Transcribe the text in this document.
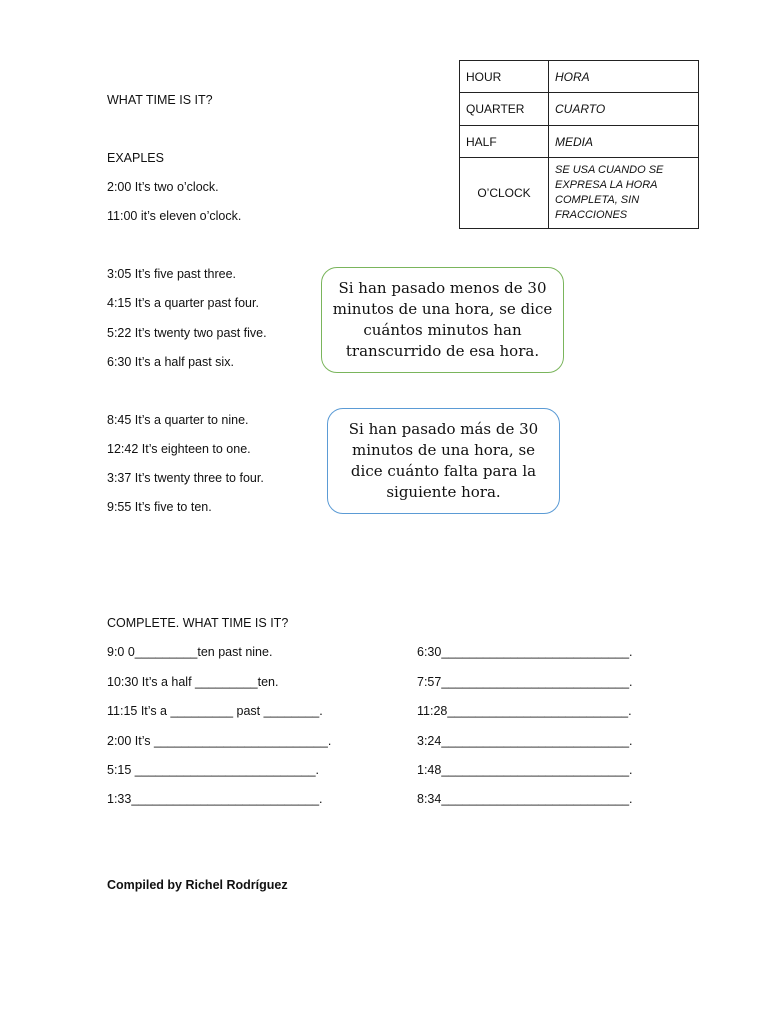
WHAT TIME IS IT?
EXAPLES
2:00 It’s two o’clock.
11:00 it’s eleven o’clock.
3:05 It’s five past three.
4:15 It’s a quarter past four.
5:22 It’s twenty two past five.
6:30 It’s a half past six.
8:45 It’s a quarter to nine.
12:42 It’s eighteen to one.
3:37 It’s twenty three to four.
9:55 It’s five to ten.
HOUR	HORA
QUARTER	CUARTO
HALF	MEDIA
O’CLOCK	SE USA CUANDO SE EXPRESA LA HORA COMPLETA, SIN FRACCIONES
Si han pasado menos de 30 minutos de una hora, se dice cuántos minutos han transcurrido de esa hora.
Si han pasado más de 30 minutos de una hora, se dice cuánto falta para la siguiente hora.
COMPLETE. WHAT TIME IS IT?
9:0 0_________ten past nine.
10:30 It’s a half _________ten.
11:15 It’s a _________ past ________.
2:00 It’s _________________________.
5:15 __________________________.
1:33___________________________.
6:30___________________________.
7:57___________________________.
11:28__________________________.
3:24___________________________.
1:48___________________________.
8:34___________________________.
Compiled by Richel Rodríguez
